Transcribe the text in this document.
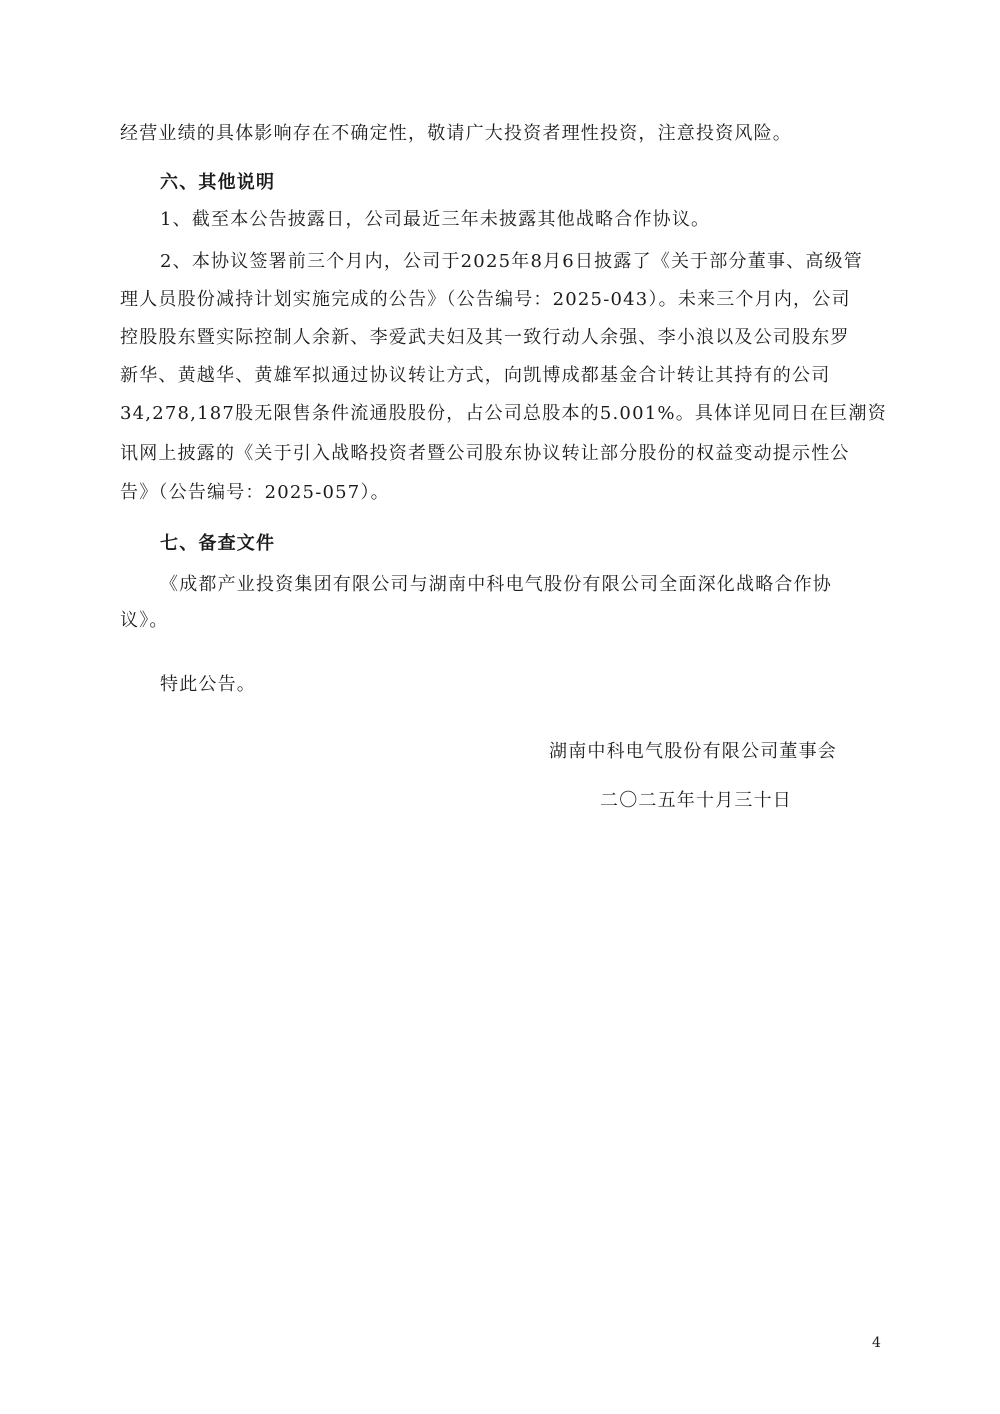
经营业绩的具体影响存在不确定性，敬请广大投资者理性投资，注意投资风险。
六、其他说明
1、截至本公告披露日，公司最近三年未披露其他战略合作协议。
2、本协议签署前三个月内，公司于2025年8月6日披露了《关于部分董事、高级管
理人员股份减持计划实施完成的公告》（公告编号：2025-043）。未来三个月内，公司
控股股东暨实际控制人余新、李爱武夫妇及其一致行动人余强、李小浪以及公司股东罗
新华、黄越华、黄雄军拟通过协议转让方式，向凯博成都基金合计转让其持有的公司
34,278,187股无限售条件流通股股份，占公司总股本的5.001%。具体详见同日在巨潮资
讯网上披露的《关于引入战略投资者暨公司股东协议转让部分股份的权益变动提示性公
告》（公告编号：2025-057）。
七、备查文件
《成都产业投资集团有限公司与湖南中科电气股份有限公司全面深化战略合作协
议》。
特此公告。
湖南中科电气股份有限公司董事会
二〇二五年十月三十日
4
